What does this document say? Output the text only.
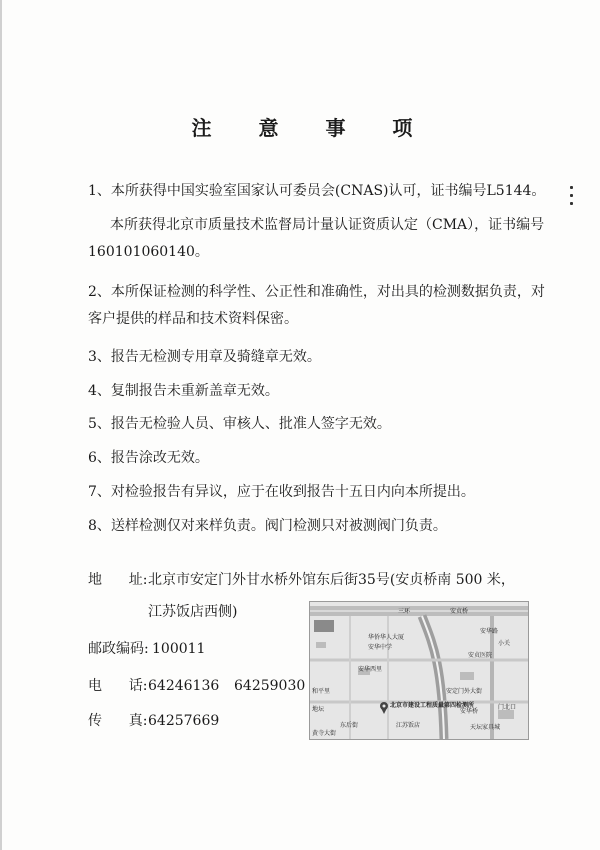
注 意 事 项
1、本所获得中国实验室国家认可委员会(CNAS)认可，证书编号L5144。
本所获得北京市质量技术监督局计量认证资质认定（CMA），证书编号160101060140。
2、本所保证检测的科学性、公正性和准确性，对出具的检测数据负责，对客户提供的样品和技术资料保密。
3、报告无检测专用章及骑缝章无效。
4、复制报告未重新盖章无效。
5、报告无检验人员、审核人、批准人签字无效。
6、报告涂改无效。
7、对检验报告有异议，应于在收到报告十五日内向本所提出。
8、送样检测仅对来样负责。阀门检测只对被测阀门负责。
地      址: 北京市安定门外甘水桥外馆东后街35号(安贞桥南 500 米，
江苏饭店西侧)
邮政编码: 100011
电      话: 64246136 64259030
传      真: 64257669
三环	安贞桥
华侨华人大厦
安华中学
安华路
安华西里
安贞医院
地坛
江苏饭店
北京市建设工程质量第四检测所
安定门外大街
东后街	天坛家具城
安华桥
和平里
门北口
小关
黄寺大街
